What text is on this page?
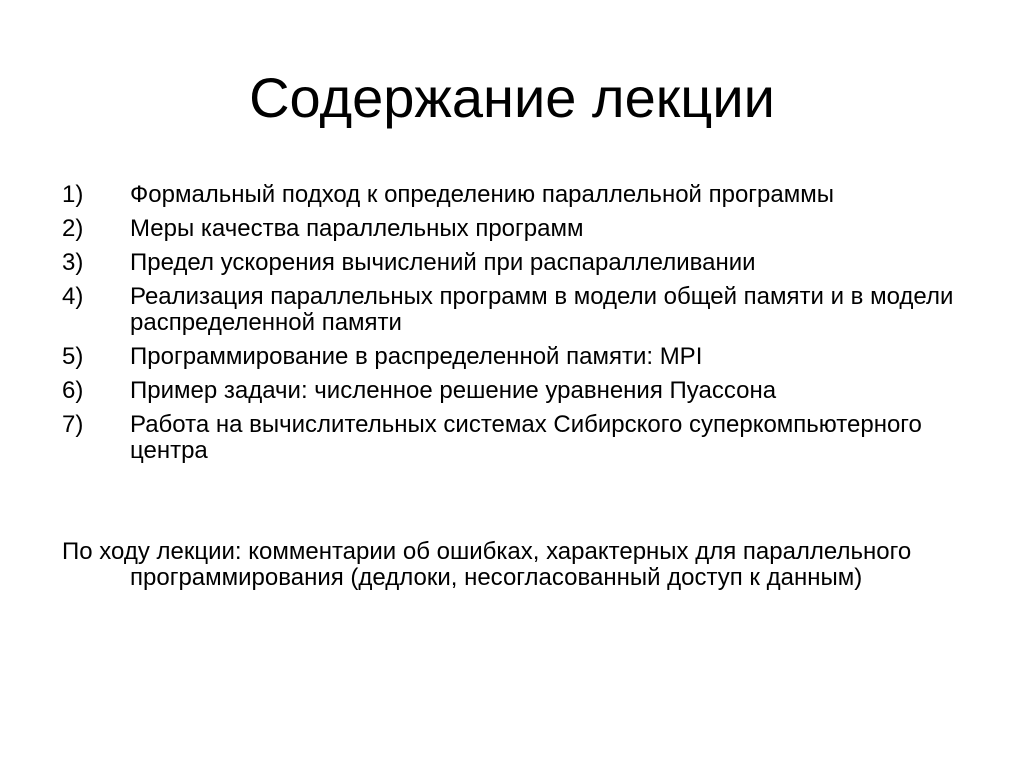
Содержание лекции
1)	Формальный подход к определению параллельной программы
2)	Меры качества параллельных программ
3)	Предел ускорения вычислений при распараллеливании
4)	Реализация параллельных программ в модели общей памяти и в модели распределенной памяти
5)	Программирование в распределенной памяти: MPI
6)	Пример задачи: численное решение уравнения Пуассона
7)	Работа на вычислительных системах Сибирского суперкомпьютерного центра

По ходу лекции: комментарии об ошибках, характерных для параллельного программирования (дедлоки, несогласованный доступ к данным)
